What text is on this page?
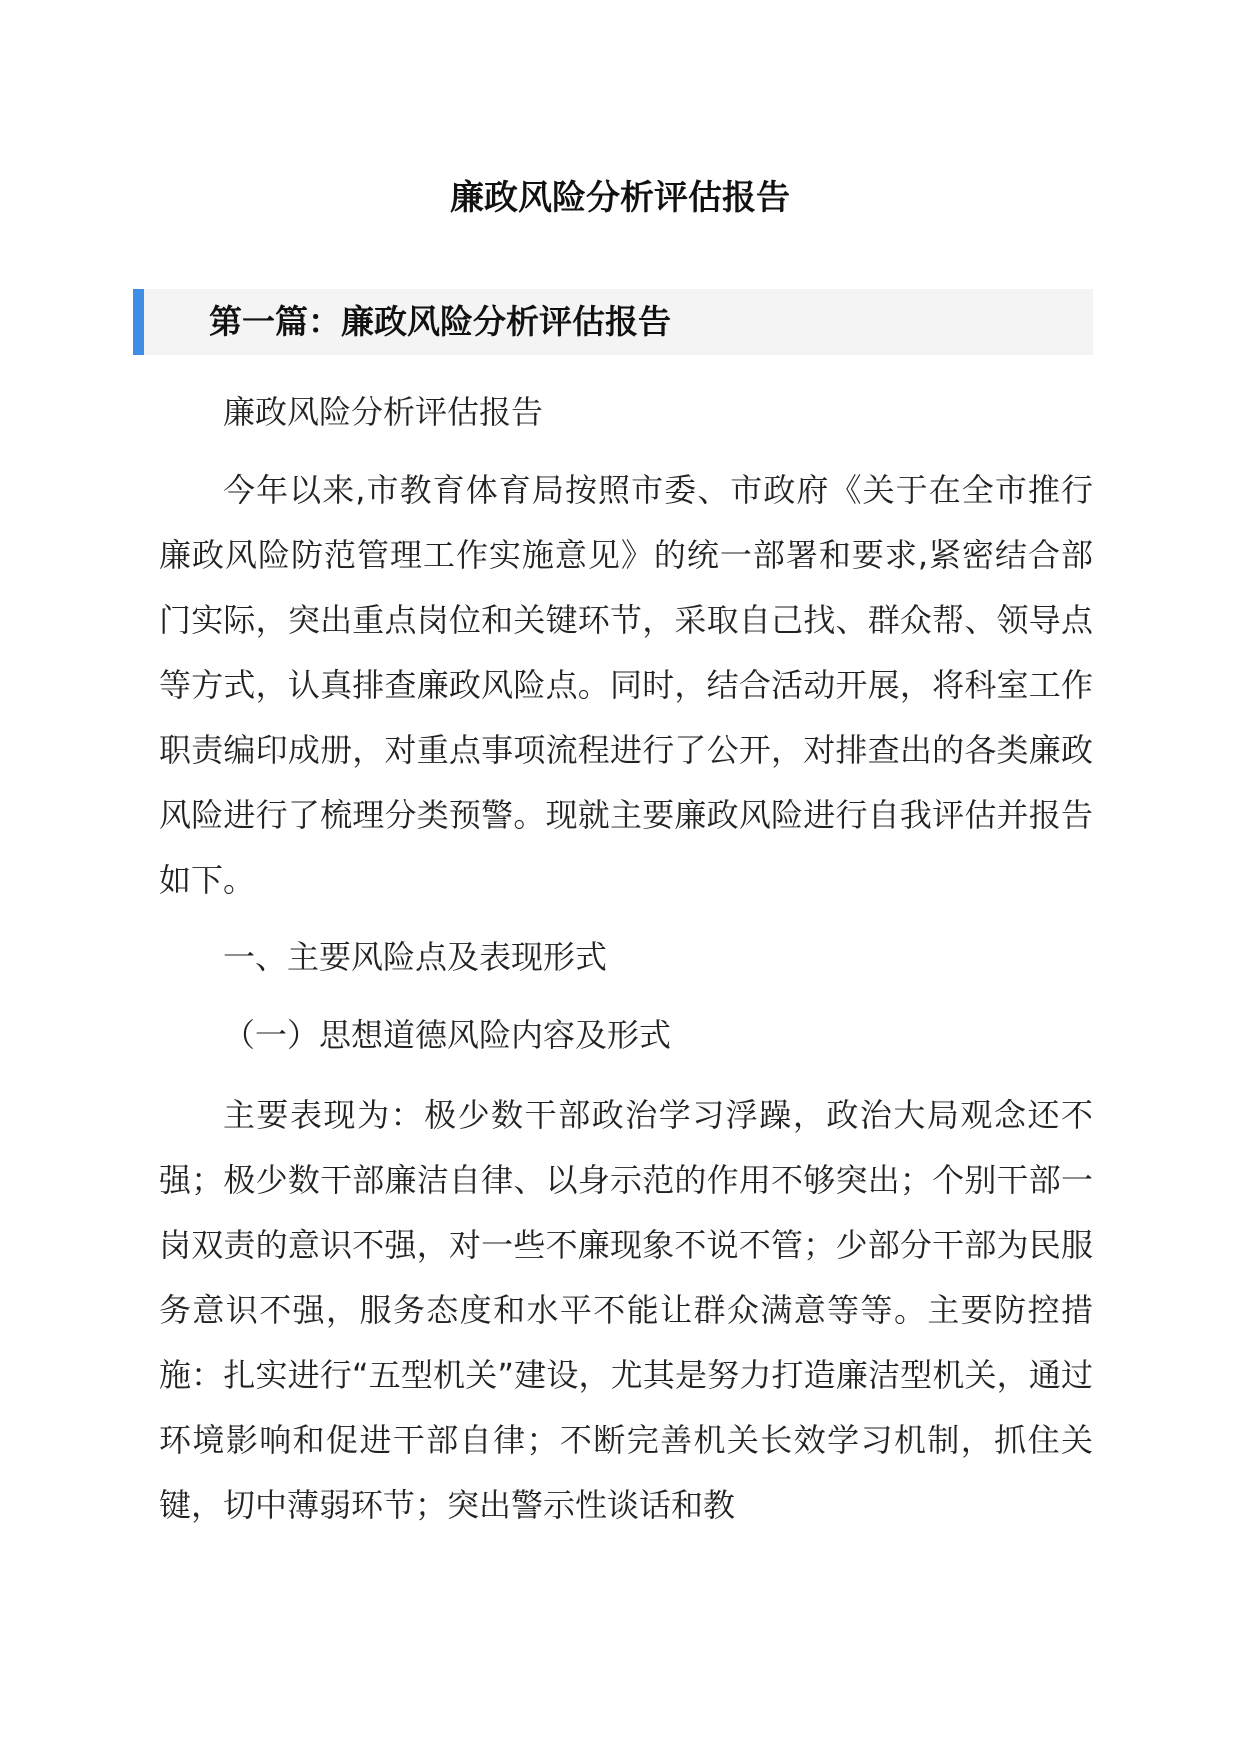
廉政风险分析评估报告
第一篇：廉政风险分析评估报告

廉政风险分析评估报告

今年以来,市教育体育局按照市委、市政府《关于在全市推行廉政风险防范管理工作实施意见》的统一部署和要求,紧密结合部门实际，突出重点岗位和关键环节，采取自己找、群众帮、领导点等方式，认真排查廉政风险点。同时，结合活动开展，将科室工作职责编印成册，对重点事项流程进行了公开，对排查出的各类廉政风险进行了梳理分类预警。现就主要廉政风险进行自我评估并报告如下。

一、主要风险点及表现形式

（一）思想道德风险内容及形式

主要表现为：极少数干部政治学习浮躁，政治大局观念还不强；极少数干部廉洁自律、以身示范的作用不够突出；个别干部一岗双责的意识不强，对一些不廉现象不说不管；少部分干部为民服务意识不强，服务态度和水平不能让群众满意等等。主要防控措施：扎实进行“五型机关”建设，尤其是努力打造廉洁型机关，通过环境影响和促进干部自律；不断完善机关长效学习机制，抓住关键，切中薄弱环节；突出警示性谈话和教
